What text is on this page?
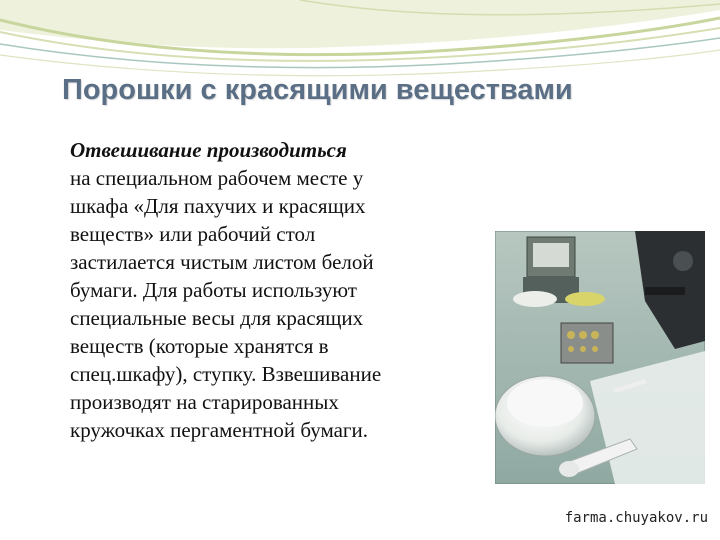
Порошки с красящими веществами
Отвешивание производиться
на специальном рабочем месте у
шкафа «Для пахучих и красящих
веществ» или рабочий стол
застилается чистым листом белой
бумаги. Для работы используют
специальные весы для красящих
веществ (которые хранятся в
спец.шкафу), ступку. Взвешивание
производят на старированных
кружочках пергаментной бумаги.
farma.chuyakov.ru
